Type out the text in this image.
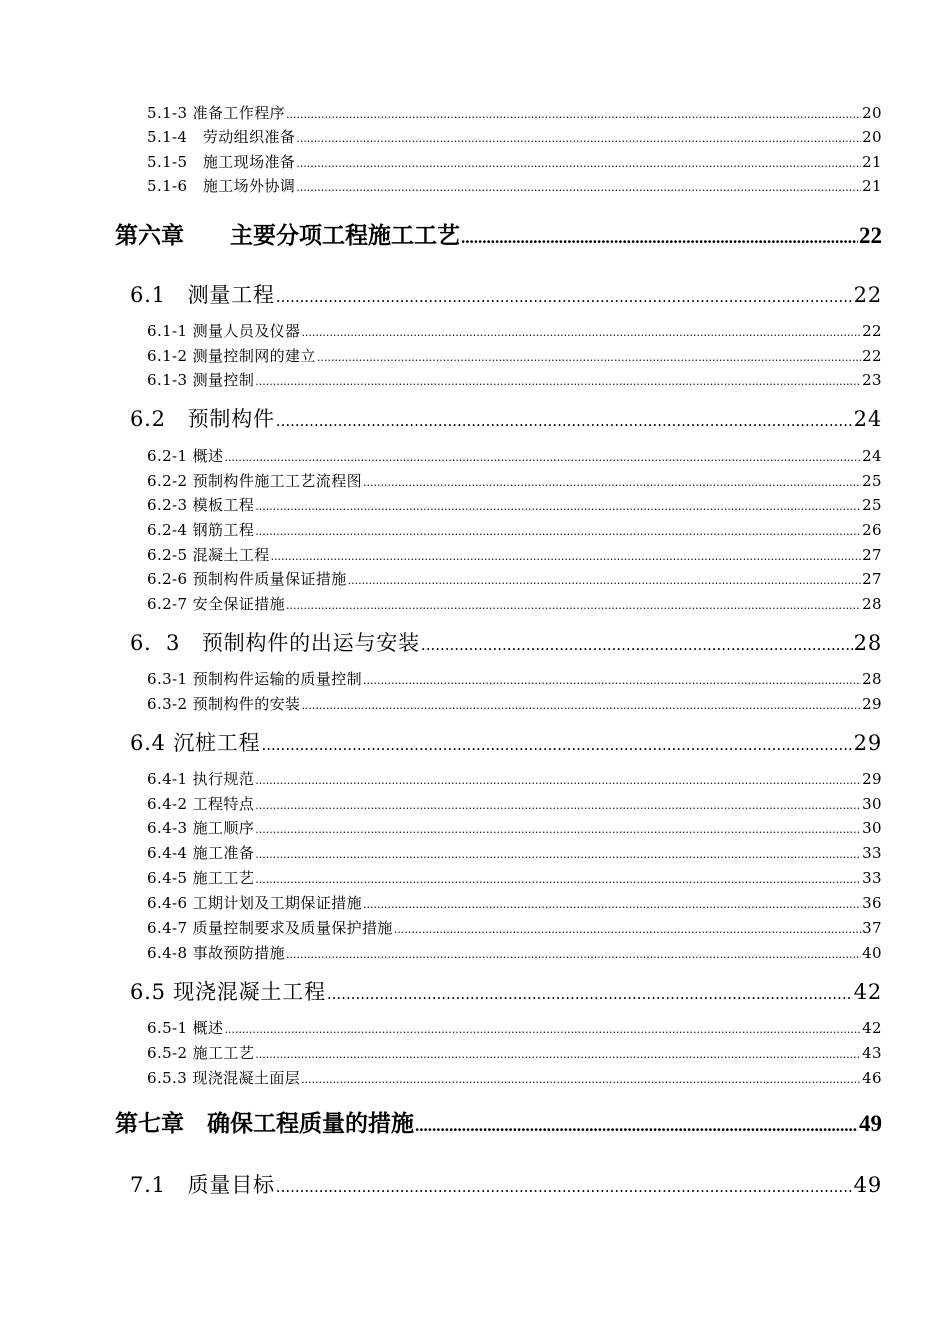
5.1-3 准备工作程序 .....	20
5.1-4　劳动组织准备 .....	20
5.1-5　施工现场准备 .....	21
5.1-6　施工场外协调 .....	21
第六章　　主要分项工程施工工艺 .....	22
6.1　测量工程 .....	22
6.1-1 测量人员及仪器 .....	22
6.1-2 测量控制网的建立 .....	22
6.1-3 测量控制 .....	23
6.2　预制构件 .....	24
6.2-1 概述 .....	24
6.2-2 预制构件施工工艺流程图 .....	25
6.2-3 模板工程 .....	25
6.2-4 钢筋工程 .....	26
6.2-5 混凝土工程 .....	27
6.2-6 预制构件质量保证措施 .....	27
6.2-7 安全保证措施 .....	28
6．3　预制构件的出运与安装 .....	28
6.3-1 预制构件运输的质量控制 .....	28
6.3-2 预制构件的安装 .....	29
6.4 沉桩工程 .....	29
6.4-1 执行规范 .....	29
6.4-2 工程特点 .....	30
6.4-3 施工顺序 .....	30
6.4-4 施工准备 .....	33
6.4-5 施工工艺 .....	33
6.4-6 工期计划及工期保证措施 .....	36
6.4-7 质量控制要求及质量保护措施 .....	37
6.4-8 事故预防措施 .....	40
6.5 现浇混凝土工程 .....	42
6.5-1 概述 .....	42
6.5-2 施工工艺 .....	43
6.5.3 现浇混凝土面层 .....	46
第七章　确保工程质量的措施 .....	49
7.1　质量目标 .....	49
